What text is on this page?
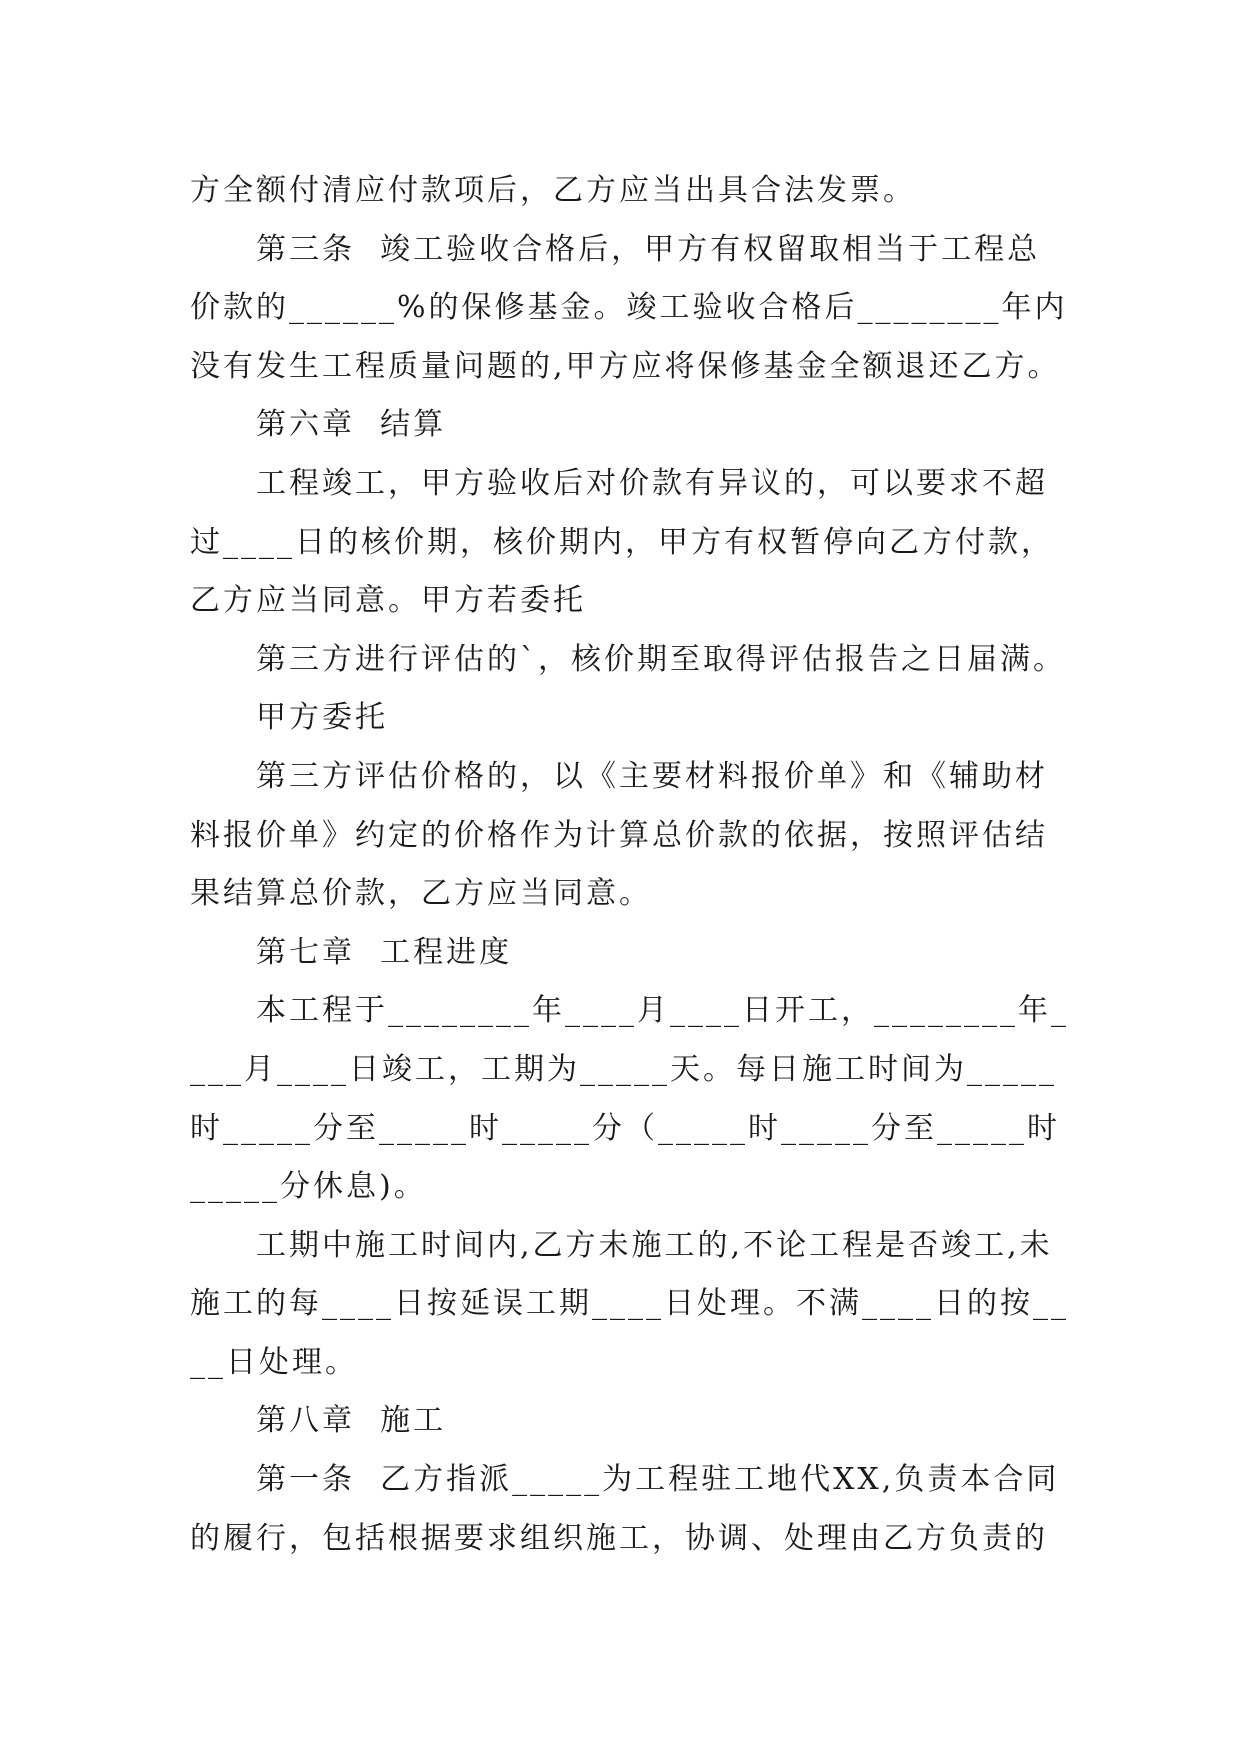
方全额付清应付款项后，乙方应当出具合法发票。

第三条  竣工验收合格后，甲方有权留取相当于工程总价款的______%的保修基金。竣工验收合格后________年内没有发生工程质量问题的,甲方应将保修基金全额退还乙方。

第六章  结算

工程竣工，甲方验收后对价款有异议的，可以要求不超过____日的核价期，核价期内，甲方有权暂停向乙方付款，乙方应当同意。甲方若委托

第三方进行评估的`，核价期至取得评估报告之日届满。

甲方委托

第三方评估价格的，以《主要材料报价单》和《辅助材料报价单》约定的价格作为计算总价款的依据，按照评估结果结算总价款，乙方应当同意。

第七章  工程进度

本工程于________年____月____日开工，________年____月____日竣工，工期为_____天。每日施工时间为_____时_____分至_____时_____分（_____时_____分至_____时_____分休息)。

工期中施工时间内,乙方未施工的,不论工程是否竣工,未施工的每____日按延误工期____日处理。不满____日的按____日处理。

第八章  施工

第一条  乙方指派_____为工程驻工地代XX,负责本合同的履行，包括根据要求组织施工，协调、处理由乙方负责的
